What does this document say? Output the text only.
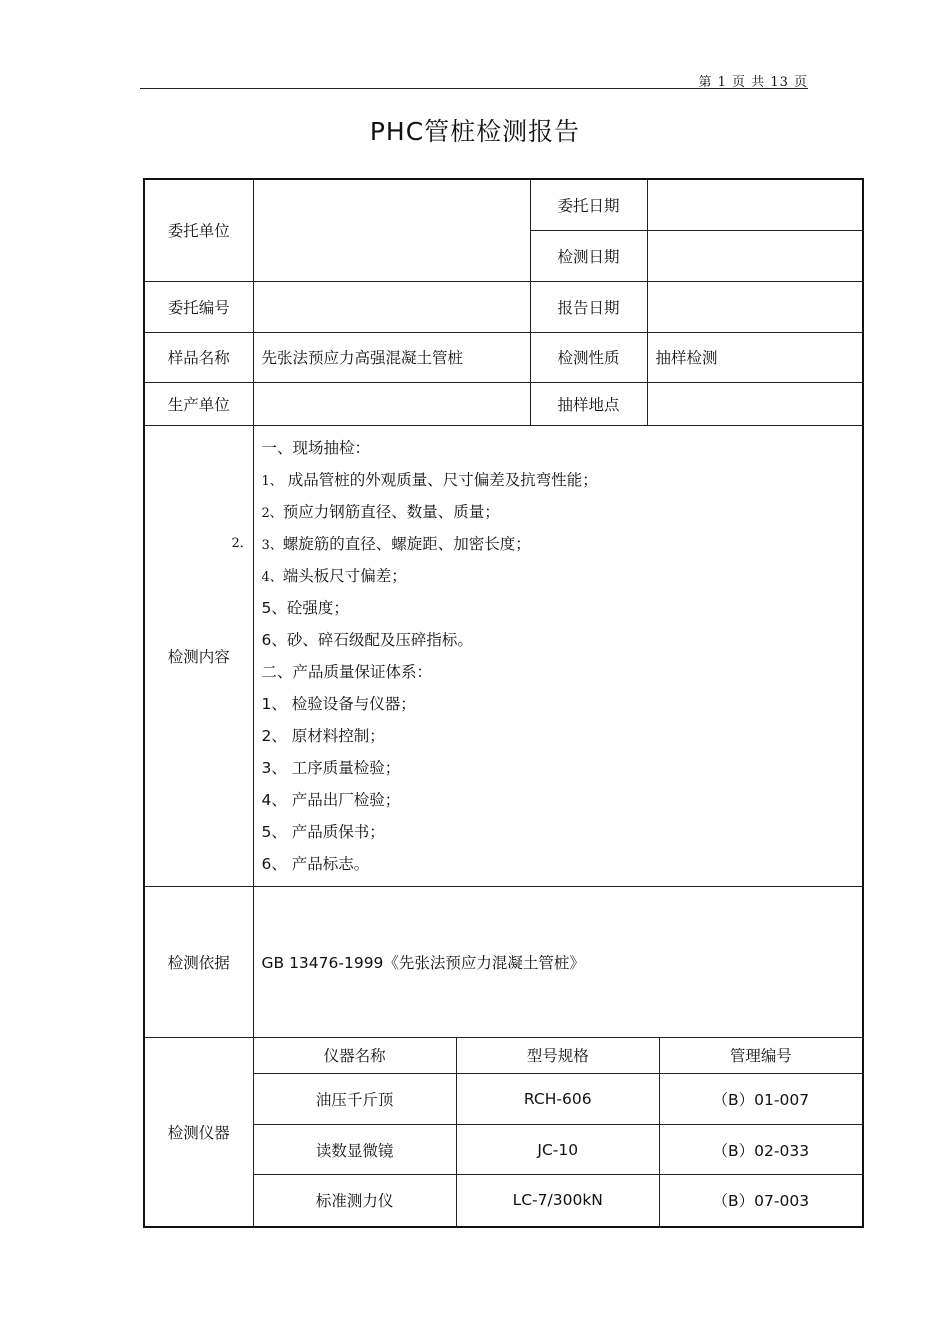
第 1 页 共 13 页
PHC管桩检测报告
委托单位		委托日期	
检测日期	
委托编号		报告日期	
样品名称	先张法预应力高强混凝土管桩	检测性质	抽样检测
生产单位		抽样地点	
检测内容	
2．
一、现场抽检：
1、 成品管桩的外观质量、尺寸偏差及抗弯性能；
2、预应力钢筋直径、数量、质量；
3、螺旋筋的直径、螺旋距、加密长度；
4、端头板尺寸偏差；
5、砼强度；
6、砂、碎石级配及压碎指标。
二、产品质量保证体系：
1、 检验设备与仪器；
2、 原材料控制；
3、 工序质量检验；
4、 产品出厂检验；
5、 产品质保书；
6、 产品标志。

检测依据	GB 13476-1999《先张法预应力混凝土管桩》
检测仪器	
仪器名称	型号规格	管理编号
油压千斤顶	RCH-606	（B）01-007
读数显微镜	JC-10	（B）02-033
标准测力仪	LC-7/300kN	（B）07-003
